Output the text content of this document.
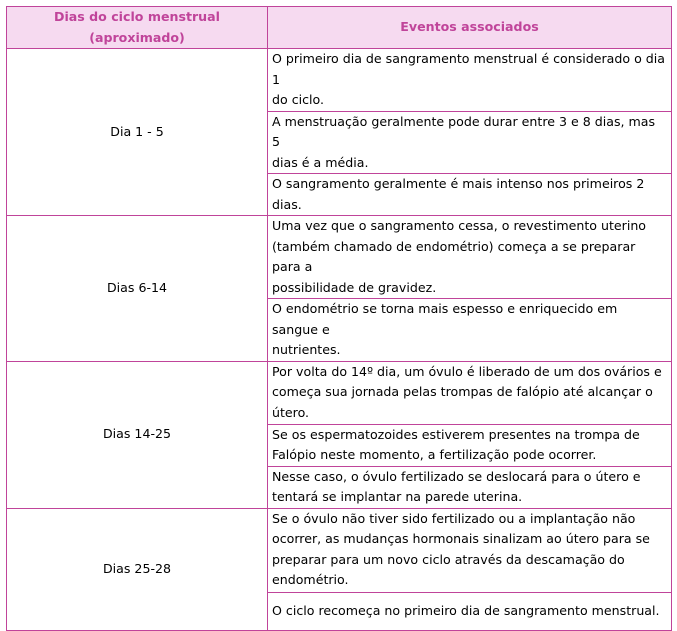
Dias do ciclo menstrual (aproximado)	Eventos associados
Dia 1 - 5	O primeiro dia de sangramento menstrual é considerado o dia 1
do ciclo.

	A menstruação geralmente pode durar entre 3 e 8 dias, mas 5
dias é a média.

	O sangramento geralmente é mais intenso nos primeiros 2 dias.

Dias 6-14	Uma vez que o sangramento cessa, o revestimento uterino
(também chamado de endométrio) começa a se preparar para a
possibilidade de gravidez.

	O endométrio se torna mais espesso e enriquecido em sangue e
nutrientes.

Dias 14-25	Por volta do 14º dia, um óvulo é liberado de um dos ovários e
começa sua jornada pelas trompas de falópio até alcançar o
útero.

	Se os espermatozoides estiverem presentes na trompa de
Falópio neste momento, a fertilização pode ocorrer.

	Nesse caso, o óvulo fertilizado se deslocará para o útero e
tentará se implantar na parede uterina.

Dias 25-28	Se o óvulo não tiver sido fertilizado ou a implantação não
ocorrer, as mudanças hormonais sinalizam ao útero para se
preparar para um novo ciclo através da descamação do
endométrio.

	O ciclo recomeça no primeiro dia de sangramento menstrual.
